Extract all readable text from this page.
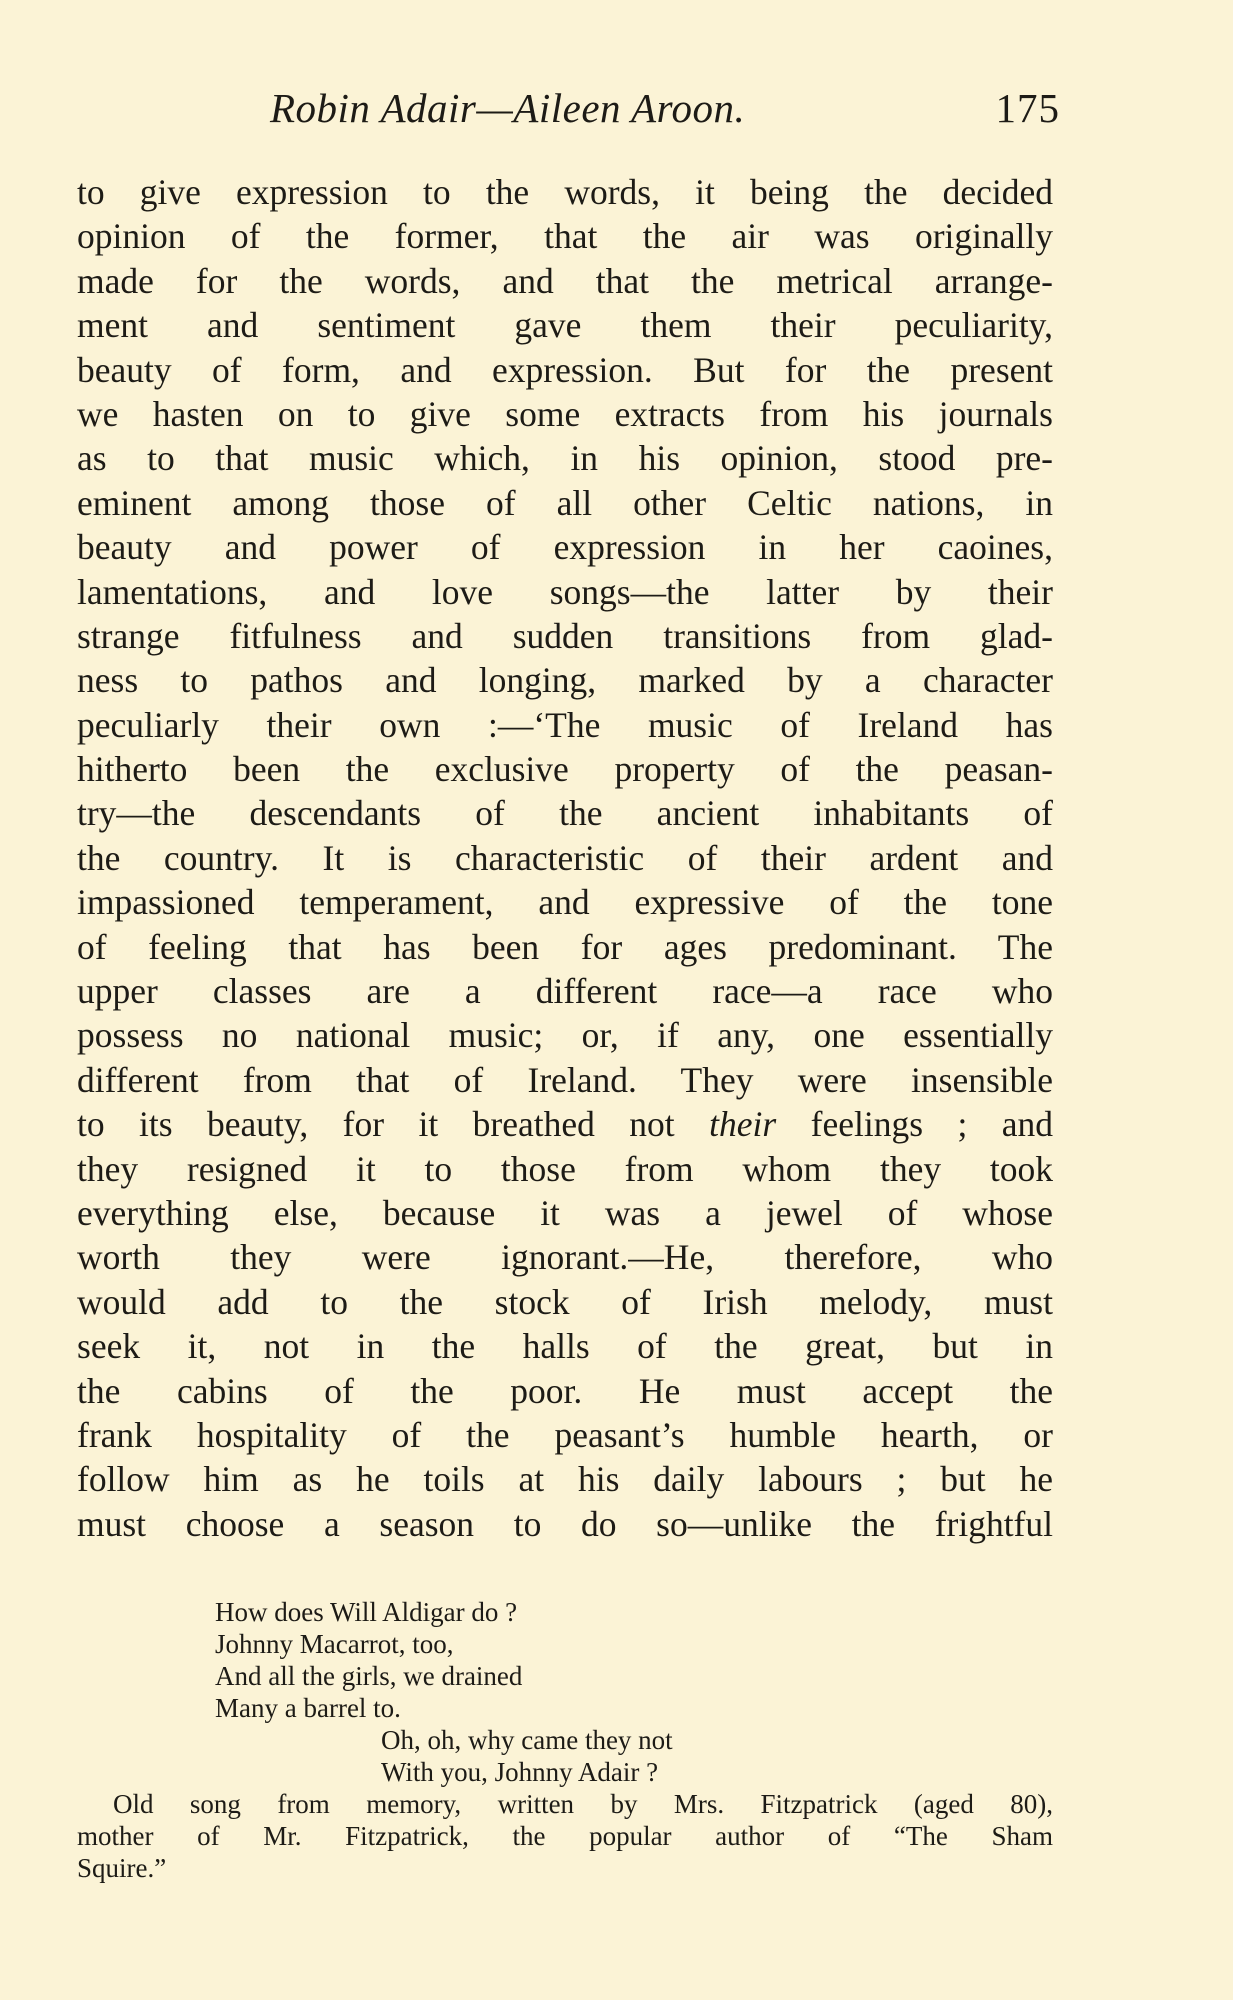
Robin Adair—Aileen Aroon.	175
to give expression to the words, it being the decided
opinion of the former, that the air was originally
made for the words, and that the metrical arrange-
ment and sentiment gave them their peculiarity,
beauty of form, and expression. But for the present
we hasten on to give some extracts from his journals
as to that music which, in his opinion, stood pre-
eminent among those of all other Celtic nations, in
beauty and power of expression in her caoines,
lamentations, and love songs—the latter by their
strange fitfulness and sudden transitions from glad-
ness to pathos and longing, marked by a character
peculiarly their own :—‘The music of Ireland has
hitherto been the exclusive property of the peasan-
try—the descendants of the ancient inhabitants of
the country. It is characteristic of their ardent and
impassioned temperament, and expressive of the tone
of feeling that has been for ages predominant. The
upper classes are a different race—a race who
possess no national music; or, if any, one essentially
different from that of Ireland. They were insensible
to its beauty, for it breathed not their feelings ; and
they resigned it to those from whom they took
everything else, because it was a jewel of whose
worth they were ignorant.—He, therefore, who
would add to the stock of Irish melody, must
seek it, not in the halls of the great, but in
the cabins of the poor. He must accept the
frank hospitality of the peasant’s humble hearth, or
follow him as he toils at his daily labours ; but he
must choose a season to do so—unlike the frightful
How does Will Aldigar do ?
Johnny Macarrot, too,
And all the girls, we drained
Many a barrel to.
Oh, oh, why came they not
With you, Johnny Adair ?
Old song from memory, written by Mrs. Fitzpatrick (aged 80),
mother of Mr. Fitzpatrick, the popular author of “The Sham
Squire.”
